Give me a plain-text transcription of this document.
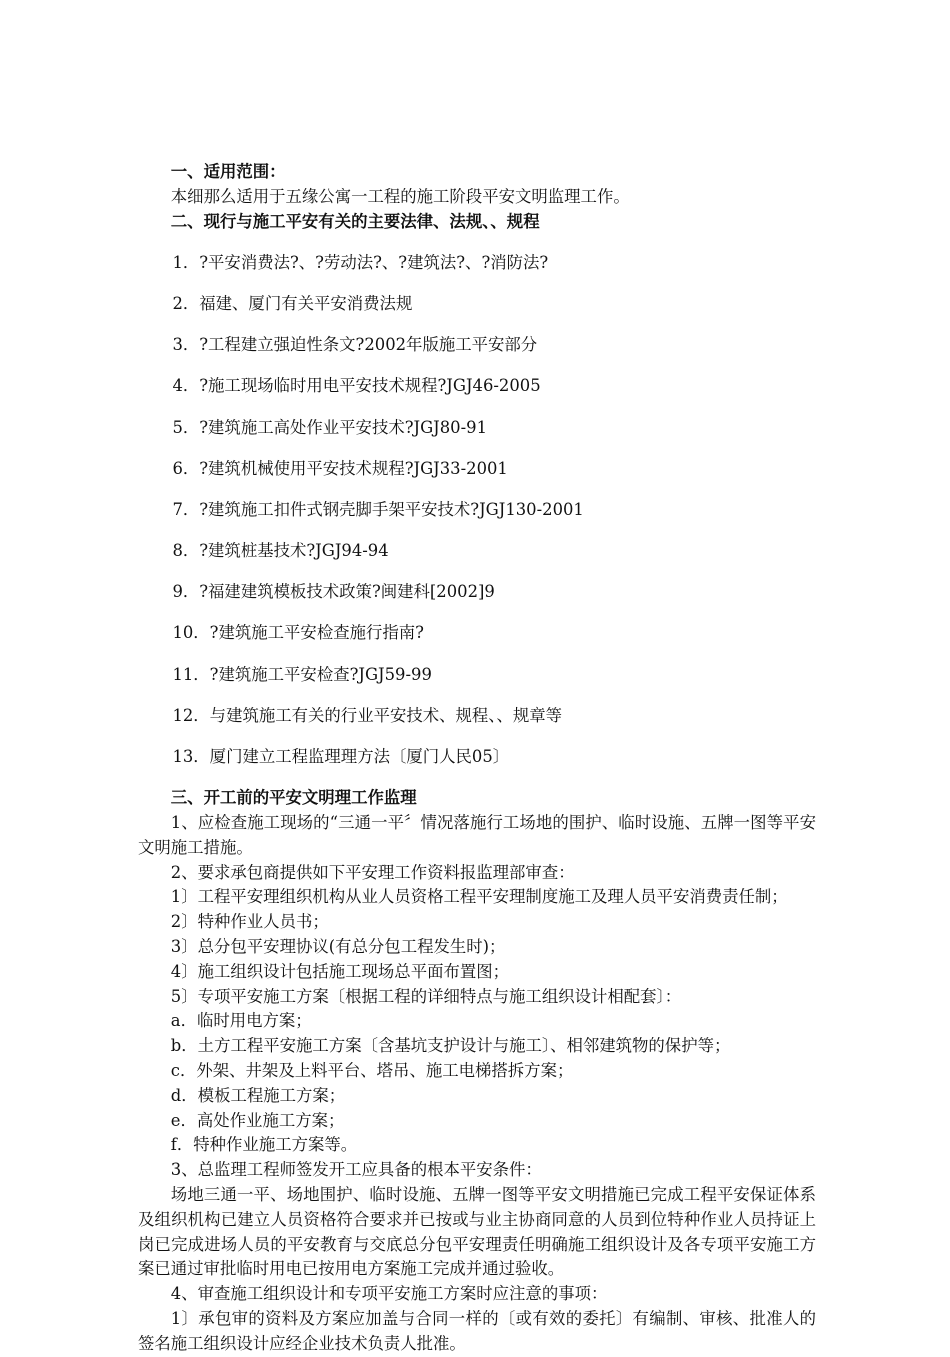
一、适用范围：

本细那么适用于五缘公寓一工程的施工阶段平安文明监理工作。

二、现行与施工平安有关的主要法律、法规、、规程

1．?平安消费法?、?劳动法?、?建筑法?、?消防法?

2．福建、厦门有关平安消费法规

3．?工程建立强迫性条文?2002年版施工平安部分

4．?施工现场临时用电平安技术规程?JGJ46-2005

5．?建筑施工高处作业平安技术?JGJ80-91

6．?建筑机械使用平安技术规程?JGJ33-2001

7．?建筑施工扣件式钢壳脚手架平安技术?JGJ130-2001

8．?建筑桩基技术?JGJ94-94

9．?福建建筑模板技术政策?闽建科[2002]9

10．?建筑施工平安检查施行指南?

11．?建筑施工平安检查?JGJ59-99

12．与建筑施工有关的行业平安技术、规程、、规章等

13．厦门建立工程监理理方法〔厦门人民05〕

三、开工前的平安文明理工作监理

1、应检查施工现场的“三通一平〞情况落施行工场地的围护、临时设施、五牌一图等平安文明施工措施。

2、要求承包商提供如下平安理工作资料报监理部审查：

1〕工程平安理组织机构从业人员资格工程平安理制度施工及理人员平安消费责任制；

2〕特种作业人员书；

3〕总分包平安理协议(有总分包工程发生时)；

4〕施工组织设计包括施工现场总平面布置图；

5〕专项平安施工方案〔根据工程的详细特点与施工组织设计相配套〕：

a．临时用电方案；

b．土方工程平安施工方案〔含基坑支护设计与施工〕、相邻建筑物的保护等；

c．外架、井架及上料平台、塔吊、施工电梯搭拆方案；

d．模板工程施工方案；

e．高处作业施工方案；

f．特种作业施工方案等。

3、总监理工程师签发开工应具备的根本平安条件：

场地三通一平、场地围护、临时设施、五牌一图等平安文明措施已完成工程平安保证体系及组织机构已建立人员资格符合要求并已按或与业主协商同意的人员到位特种作业人员持证上岗已完成进场人员的平安教育与交底总分包平安理责任明确施工组织设计及各专项平安施工方案已通过审批临时用电已按用电方案施工完成并通过验收。

4、审查施工组织设计和专项平安施工方案时应注意的事项：

1〕承包审的资料及方案应加盖与合同一样的〔或有效的委托〕有编制、审核、批准人的签名施工组织设计应经企业技术负责人批准。
